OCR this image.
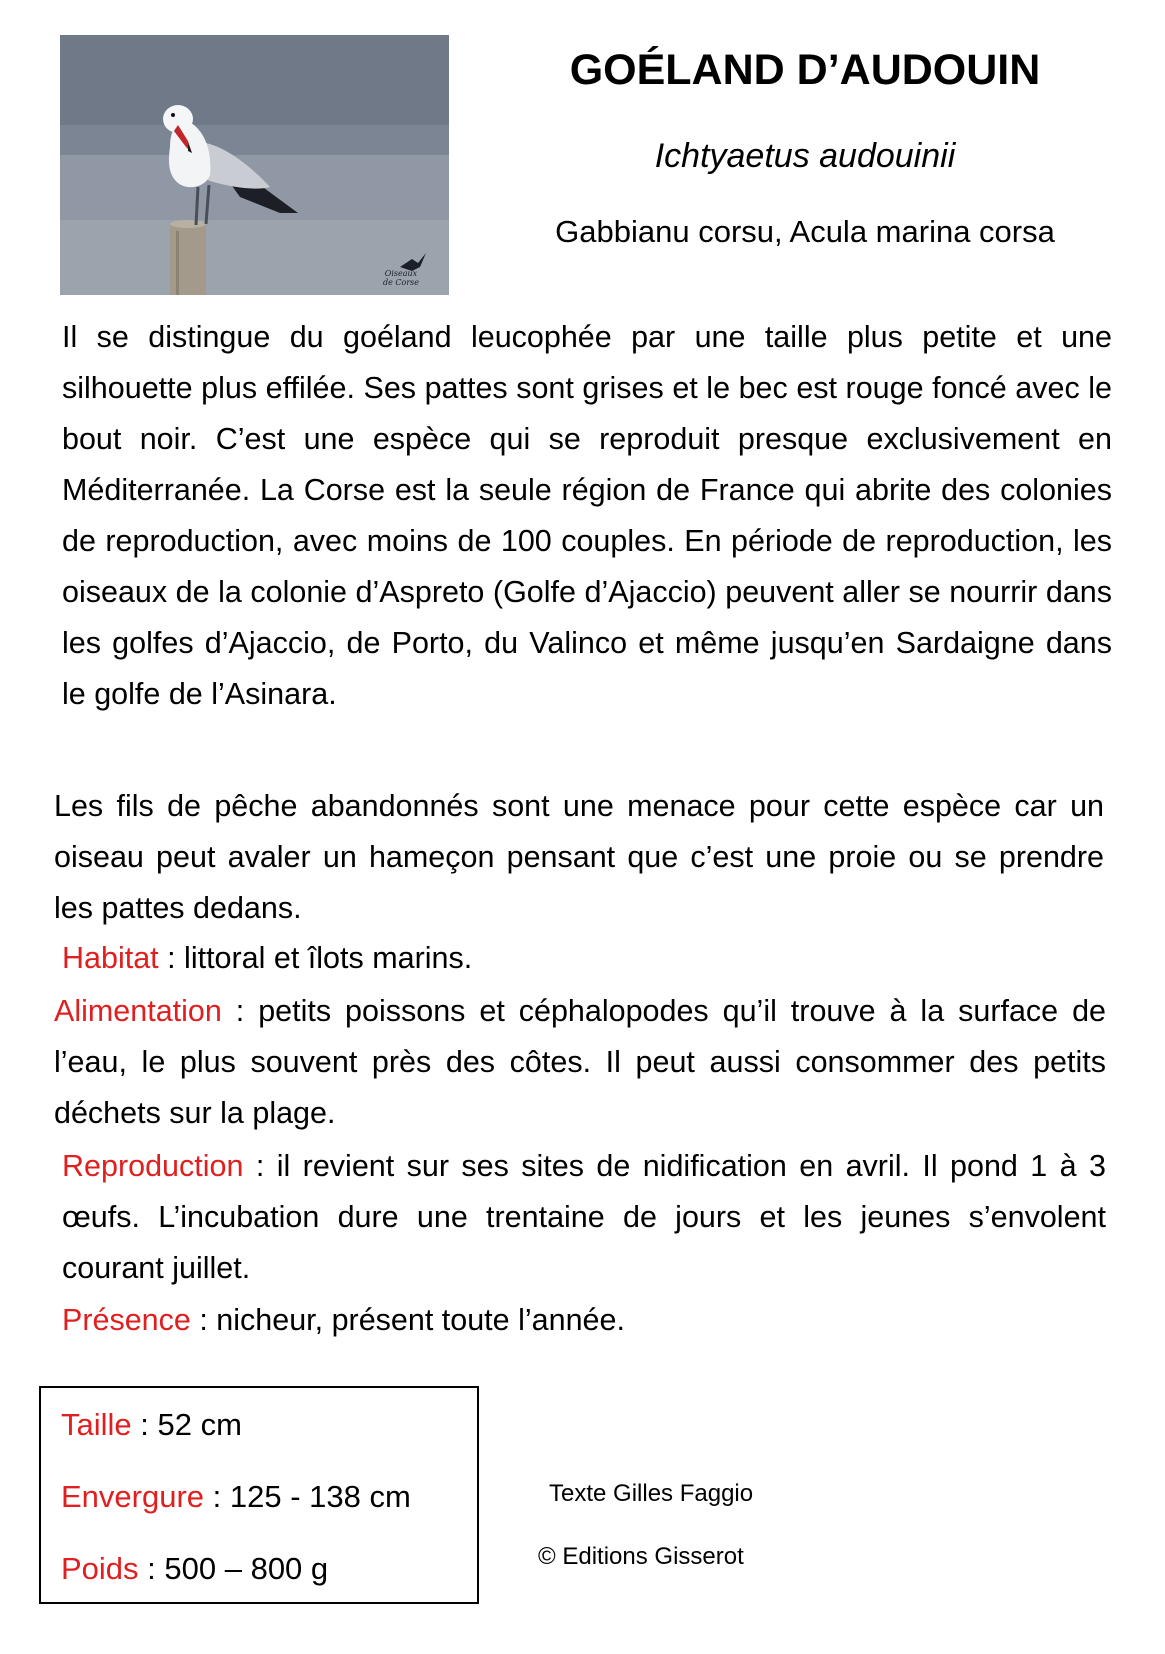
Oiseaux
de Corse
GOÉLAND D’AUDOUIN
Ichtyaetus audouinii
Gabbianu corsu, Acula marina corsa

Il se distingue du goéland leucophée par une taille plus petite et une silhouette plus effilée. Ses pattes sont grises et le bec est rouge foncé avec le bout noir. C’est une espèce qui se reproduit presque exclusivement en Méditerranée. La Corse est la seule région de France qui abrite des colonies de reproduction, avec moins de 100 couples. En période de reproduction, les oiseaux de la colonie d’Aspreto (Golfe d’Ajaccio) peuvent aller se nourrir dans les golfes d’Ajaccio, de Porto, du Valinco et même jusqu’en Sardaigne dans le golfe de l’Asinara.

Les fils de pêche abandonnés sont une menace pour cette espèce car un oiseau peut avaler un hameçon pensant que c’est une proie ou se prendre les pattes dedans.

Habitat : littoral et îlots marins.

Alimentation : petits poissons et céphalopodes qu’il trouve à la surface de l’eau, le plus souvent près des côtes. Il peut aussi consommer des petits déchets sur la plage.

Reproduction : il revient sur ses sites de nidification en avril. Il pond 1 à 3 œufs. L’incubation dure une trentaine de jours et les jeunes s’envolent courant juillet.

Présence : nicheur, présent toute l’année.

Taille : 52 cm
Envergure : 125 - 138 cm
Poids : 500 – 800 g
Texte Gilles Faggio
© Editions Gisserot
